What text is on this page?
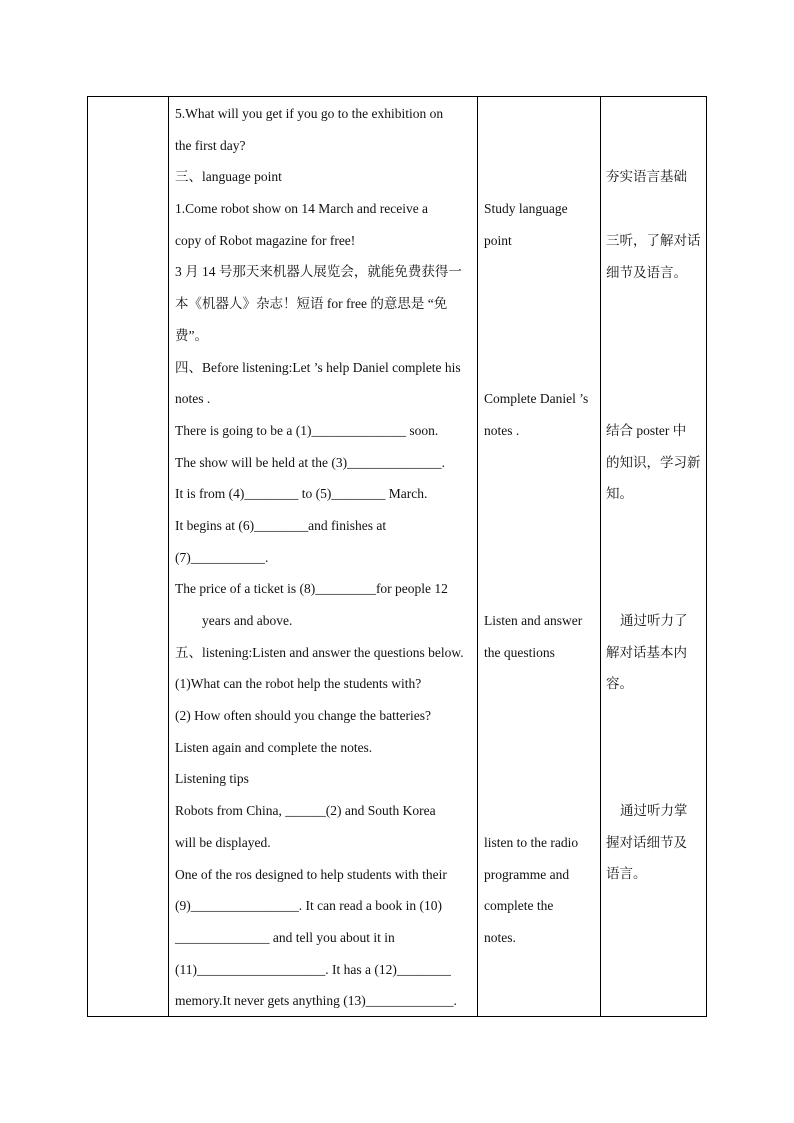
5.What will you get if you go to the exhibition on
the first day?
三、language point
1.Come robot show on 14 March and receive a
copy of Robot magazine for free!
3 月 14 号那天来机器人展览会，就能免费获得一
本《机器人》杂志！短语 for free 的意思是 “免
费”。
四、Before listening:Let ’s help Daniel complete his
notes .
There is going to be a (1)______________ soon.
The show will be held at the (3)______________.
It is from (4)________ to (5)________ March.
It begins at (6)________and finishes at
(7)___________.
The price of a ticket is (8)_________for people 12
years and above.
五、listening:Listen and answer the questions below.
(1)What can the robot help the students with?
(2) How often should you change the batteries?
Listen again and complete the notes.
Listening tips
Robots from China, ______(2) and South Korea
will be displayed.
One of the ros designed to help students with their
(9)________________. It can read a book in (10)
______________ and tell you about it in
(11)___________________. It has a (12)________
memory.It never gets anything (13)_____________.
Study language
point
Complete Daniel ’s
notes .
Listen and answer
the questions
listen to the radio
programme and
complete the
notes.
夯实语言基础
三听，了解对话
细节及语言。
结合 poster 中
的知识，学习新
知。
通过听力了
解对话基本内
容。
通过听力掌
握对话细节及
语言。
